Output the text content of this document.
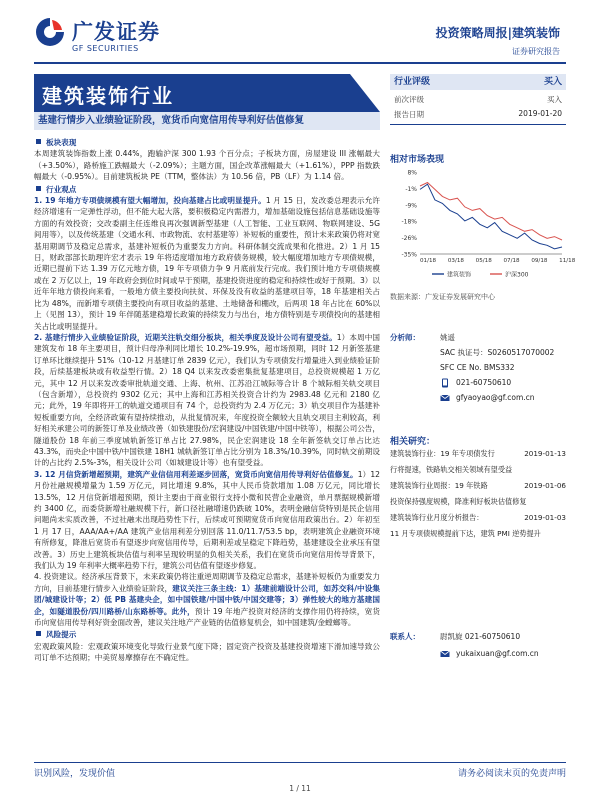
广发证券
GF SECURITIES
投资策略周报|建筑装饰
证券研究报告
建筑装饰行业
基建行情步入业绩验证阶段，宽货币向宽信用传导利好估值修复
板块表现
本周建筑装饰指数上涨 0.44%，跑输沪深 300 1.93 个百分点；子板块方面，房屋建设 III 涨幅最大（+3.50%），路桥施工跌幅最大（-2.09%）；主题方面，国企改革涨幅最大（+1.61%），PPP 指数跌幅最大（-0.95%）。目前建筑板块 PE（TTM，整体法）为 10.56 倍，PB（LF）为 1.14 倍。
行业观点
1. 19 年地方专项债规模有望大幅增加，投向基建占比或明显提升。1 月 15 日，发改委总理表示允许经济增速有一定弹性浮动，但不能大起大落，要积极稳定内需潜力，增加基础设施包括信息基础设施等方面的有效投资；交改委副主任连维良再次强调新型基建（人工智能、工业互联网、物联网建设、5G 间用等），以及传统基建（交通水利、市政物流、农村基建等）补短板的重要性，预计未来政策仍将对宽基用期调节及稳定总需求，基建补短板仍为重要发力方向。科研体制交流成果和化推进。2）1 月 15 日，财政部部长助理许宏才表示 19 年将适度增加地方政府债务规模，较大幅度增加地方专项债规模，近期已提前下达 1.39 万亿元地方债，19 年专项债力争 9 月底前发行完成。我们预计地方专项债规模或在 2 万亿以上，19 年政府会到位时间或早于预期，基建投资进度的稳定和持续性或好于预期。3）以近年年地方债投向来看，一般地方债主要投向扶贫、环保及没有收益的基建项目等，18 年基建相关占比为 48%，而新增专项债主要投向有项目收益的基建、土地储备和棚改，后两项 18 年占比在 60%以上（见图 13），预计 19 年伴随基建稳增长政策的持续发力与出台，地方债特别是专项债投向的基建相关占比或明显提升。
2. 基建行情步入业绩验证阶段，近期关注轨交细分板块，相关季度及设计公司有望受益。1）本周中国建筑发布 18 年主要项目，预计归母净利同比增长 10.2%-19.9%，超市场预期，同时 12 月新签基建订单环比继续提升 51%（10-12 月基建订单 2839 亿元），我们认为专项债发行增量进入到业绩验证阶段，后续基建板块或有收益型行情。2）18 Q4 以来发改委密集批复基建项目，总投资规模超 1 万亿元，其中 12 月以来发改委审批轨道交通、上海、杭州、江苏沿江城际等合计 8 个城际相关轨交项目（包含新增），总投资约 9302 亿元；其中上海和江苏相关投资合计约为 2983.48 亿元和 2180 亿元；此外，19 年即将开工的轨道交通项目有 74 个，总投资约为 2.4 万亿元；3）轨交项目作为基建补短板重要方向，全经济政策有望持续推动，从批复情况来，年度投资全额较大且轨交项目主利较高，利好相关承建公司的新签订单及业绩改善（如铁建股份/宏润建设/中国铁建/中国中铁等），根据公司公告，隧道股份 18 年前三季度城轨新签订单占比 27.98%，民企宏润建设 18 全年新签轨交订单占比达 43.3%，而央企中国中铁/中国铁建 18H1 城轨新签订单占比分别为 18.3%/10.39%，同时轨交前期设计的占比约 2.5%-3%，相关设计公司（如城建设计等）也有望受益。
3. 12 月信贷新增超预期，建筑产业信信用利差逐步回落，宽货币向宽信用传导利好估值修复。1）12 月份社融规模增量为 1.59 万亿元，同比增速 9.8%，其中人民币贷款增加 1.08 万亿元，同比增长 13.5%，12 月信贷新增超预期，预计主要由于商业银行支持小微和民营企业融资，单月票据规模新增约 3400 亿，而委贷新增社融规模下行，新口径社融增速仍跌破 10%，表明金融信贷特别是民企信用问题尚未实质改善，不过社融未出现趋势性下行，后续或可预期宽货币向宽信用政策出台。2）年初至 1 月 17 日，AAA/AA+/AA 建筑产业信用利差分别回落 11.0/11.7/53.5 bp，表明建筑企业融资环境有所修复，降准后宽货币有望逐步向宽信用传导，后期利差或呈稳定下降趋势，基建建设全业承压有望改善。3）历史上建筑板块估值与利率呈现较明显的负相关关系，我们在宽货币向宽信用传导背景下，我们认为 19 年利率大概率趋势下行，建筑公司估值有望逐步修复。
4. 投资建议。经济承压背景下，未来政策仍将注重逆周期调节及稳定总需求，基建补短板仍为重要发力方向，目前基建行情步入业绩验证阶段，建议关注三条主线：1）基建前端设计公司，如苏交科/中设集团/城建设计等；2）低 PB 基建央企，如中国铁建/中国中铁/中国交建等；3）弹性较大的地方基建国企，如隧道股份/四川路桥/山东路桥等。此外，预计 19 年地产投资对经济的支撑作用仍将持续，宽货币向宽信用传导利好资金面改善，建议关注地产产业链的估值修复机会，如中国建筑/金螳螂等。
风险提示
宏观政策风险：宏观政策环境变化导致行业景气度下降；固定资产投资及基建投资增速下滑加速导致公司订单不达预期；中美贸易摩擦存在不确定性。
行业评级	买入
前次评级	买入
报告日期	2019-01-20
相对市场表现
8%
-1%
-9%
-18%
-26%
-35%
01/18 03/18 05/18 07/18 09/18 11/18
建筑装饰	沪深300
数据来源：广发证券发展研究中心
分析师：	姚遥
SAC 执证号：S0260517070002
SFC CE No. BMS332
021-60750610
gfyaoyao@gf.com.cn
相关研究：
建筑装饰行业：19 年专项债发行	2019-01-13
行将提速，铁路轨交相关领域有望受益
建筑装饰行业周报：19 年铁路	2019-01-06
投资保持强度规模，降准利好板块估值修复
建筑装饰行业月度分析报告：	2019-01-03
11 月专项债规模提前下达，建筑 PMI 逆势提升
联系人：	尉凯旋
021-60750610
yukaixuan@gf.com.cn
识别风险，发现价值	请务必阅读末页的免责声明
1 / 11
